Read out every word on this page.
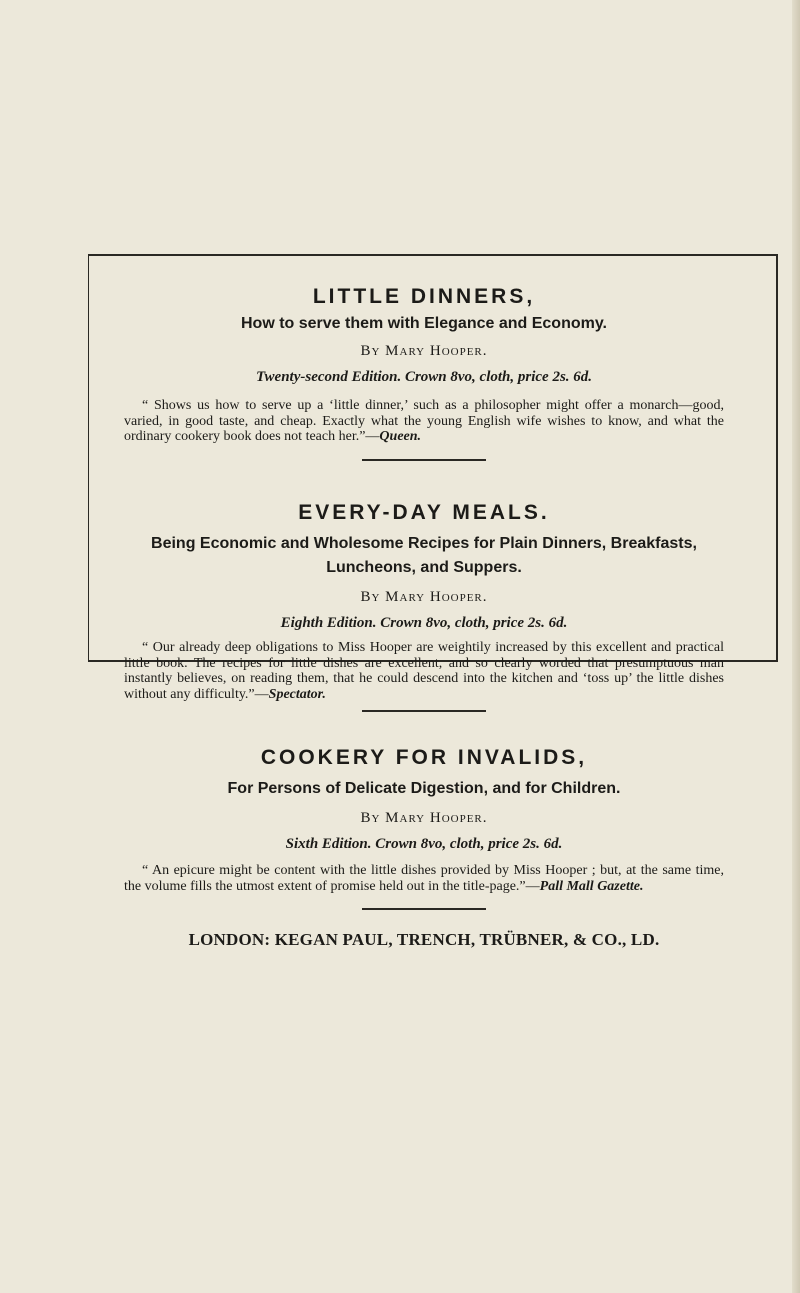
LITTLE DINNERS,

How to serve them with Elegance and Economy.

By Mary Hooper.

Twenty-second Edition. Crown 8vo, cloth, price 2s. 6d.

“ Shows us how to serve up a ‘little dinner,’ such as a philosopher might offer a monarch—good, varied, in good taste, and cheap. Exactly what the young English wife wishes to know, and what the ordinary cookery book does not teach her.”—Queen.

EVERY-DAY MEALS.

Being Economic and Wholesome Recipes for Plain Dinners, Breakfasts, Luncheons, and Suppers.

By Mary Hooper.

Eighth Edition. Crown 8vo, cloth, price 2s. 6d.

“ Our already deep obligations to Miss Hooper are weightily increased by this excellent and practical little book. The recipes for little dishes are excellent, and so clearly worded that presumptuous man instantly believes, on reading them, that he could descend into the kitchen and ‘toss up’ the little dishes without any difficulty.”—Spectator.

COOKERY FOR INVALIDS,

For Persons of Delicate Digestion, and for Children.

By Mary Hooper.

Sixth Edition. Crown 8vo, cloth, price 2s. 6d.

“ An epicure might be content with the little dishes provided by Miss Hooper ; but, at the same time, the volume fills the utmost extent of promise held out in the title-page.”—Pall Mall Gazette.

LONDON: KEGAN PAUL, TRENCH, TRÜBNER, & CO., LD.
